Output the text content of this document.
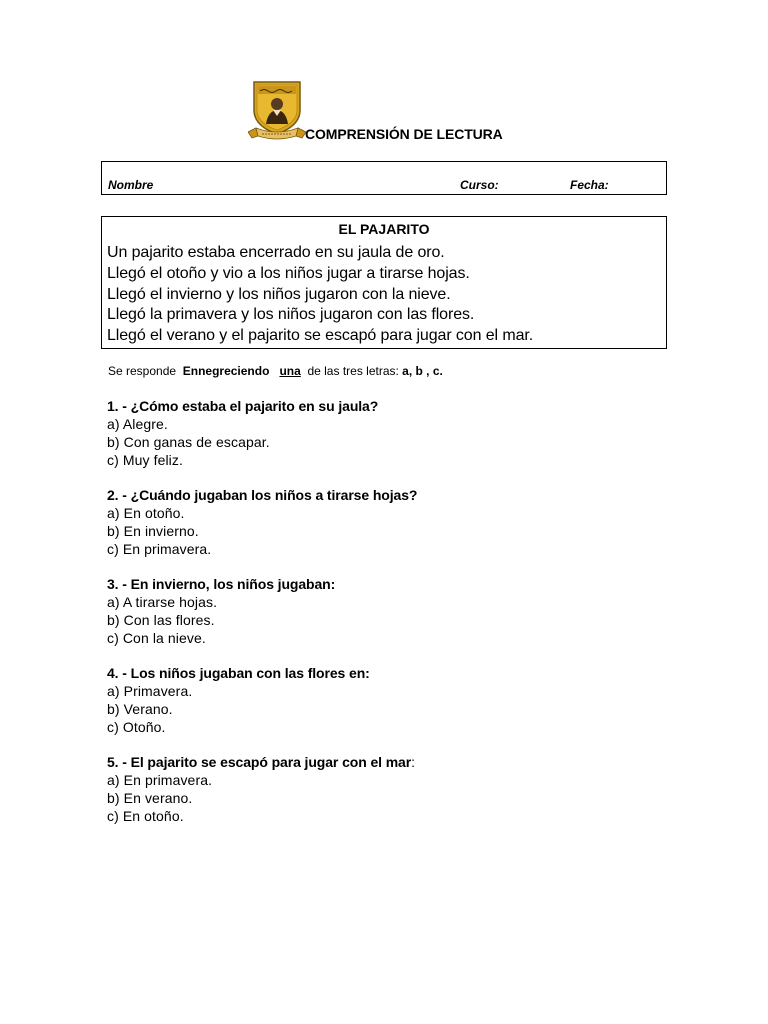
COMPRENSIÓN DE LECTURA
Nombre	Curso:	Fecha:
EL PAJARITO
Un pajarito estaba encerrado en su jaula de oro.
Llegó el otoño y vio a los niños jugar a tirarse hojas.
Llegó el invierno y los niños jugaron con la nieve.
Llegó la primavera y los niños jugaron con las flores.
Llegó el verano y el pajarito se escapó para jugar con el mar.
Se responde  Ennegreciendo una  de las tres letras: a, b , c.
1. - ¿Cómo estaba el pajarito en su jaula?
a) Alegre.
b) Con ganas de escapar.
c) Muy feliz.
2. - ¿Cuándo jugaban los niños a tirarse hojas?
a) En otoño.
b) En invierno.
c) En primavera.
3. - En invierno, los niños jugaban:
a) A tirarse hojas.
b) Con las flores.
c) Con la nieve.
4. - Los niños jugaban con las flores en:
a) Primavera.
b) Verano.
c) Otoño.
5. - El pajarito se escapó para jugar con el mar:
a) En primavera.
b) En verano.
c) En otoño.
